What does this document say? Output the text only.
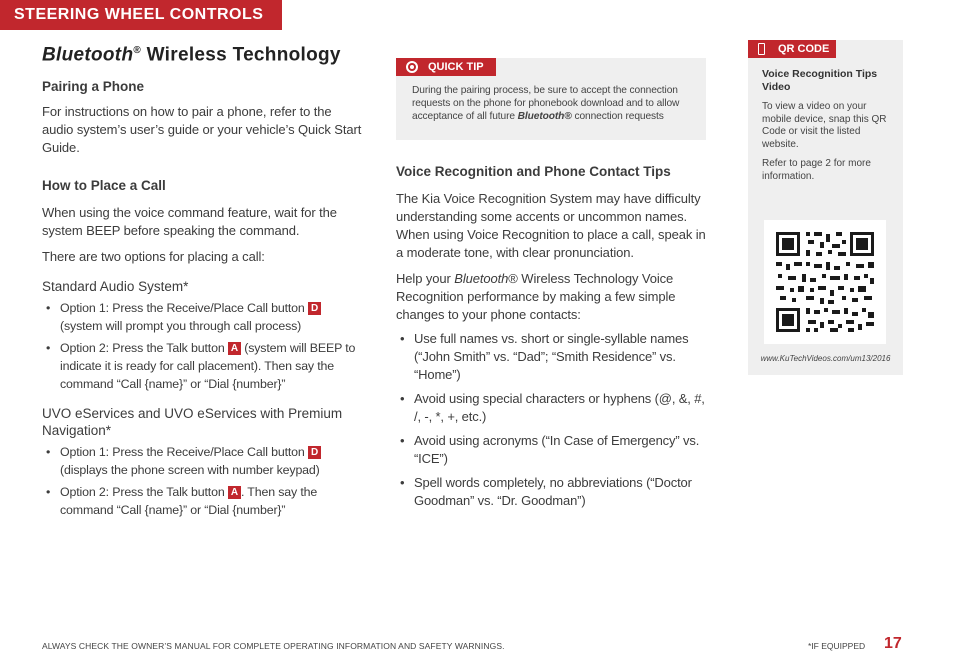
STEERING WHEEL CONTROLS
Bluetooth® Wireless Technology
Pairing a Phone
For instructions on how to pair a phone, refer to the audio system’s user’s guide or your vehicle’s Quick Start Guide.
How to Place a Call
When using the voice command feature, wait for the system BEEP before speaking the command.
There are two options for placing a call:
Standard Audio System*
• Option 1: Press the Receive/Place Call button D (system will prompt you through call process)
• Option 2: Press the Talk button A (system will BEEP to indicate it is ready for call placement). Then say the command “Call {name}” or “Dial {number}”
UVO eServices and UVO eServices with Premium Navigation*
• Option 1: Press the Receive/Place Call button D (displays the phone screen with number keypad)
• Option 2: Press the Talk button A . Then say the command “Call {name}” or “Dial {number}”
QUICK TIP
During the pairing process, be sure to accept the connection requests on the phone for phonebook download and to allow acceptance of all future Bluetooth® connection requests
Voice Recognition and Phone Contact Tips
The Kia Voice Recognition System may have difficulty understanding some accents or uncommon names. When using Voice Recognition to place a call, speak in a moderate tone, with clear pronunciation.
Help your Bluetooth® Wireless Technology Voice Recognition performance by making a few simple changes to your phone contacts:
• Use full names vs. short or single-syllable names (“John Smith” vs. “Dad”; “Smith Residence” vs. “Home”)
• Avoid using special characters or hyphens (@, &, #, /, -, *, +, etc.)
• Avoid using acronyms (“In Case of Emergency” vs. “ICE”)
• Spell words completely, no abbreviations (“Doctor Goodman” vs. “Dr. Goodman”)
QR CODE
Voice Recognition Tips Video
To view a video on your mobile device, snap this QR Code or visit the listed website.
Refer to page 2 for more information.
www.KuTechVideos.com/um13/2016
ALWAYS CHECK THE OWNER’S MANUAL FOR COMPLETE OPERATING INFORMATION AND SAFETY WARNINGS.	*IF EQUIPPED 17
